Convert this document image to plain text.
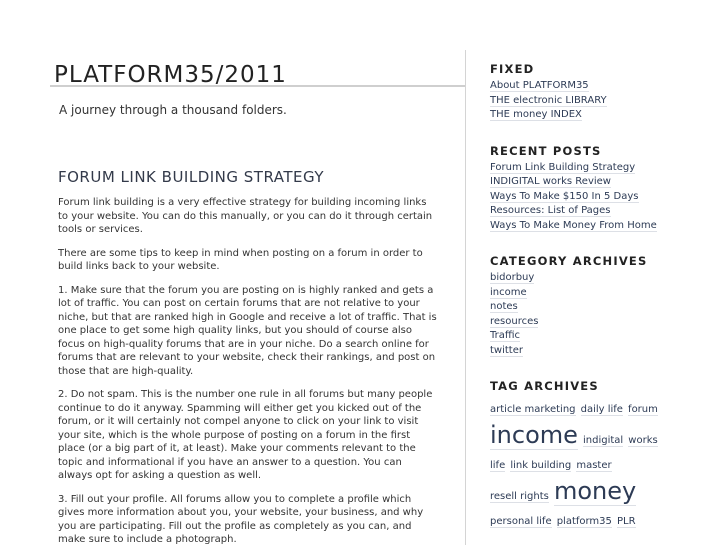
PLATFORM35/2011
A journey through a thousand folders.
FORUM LINK BUILDING STRATEGY

Forum link building is a very effective strategy for building incoming links to your website. You can do this manually, or you can do it through certain tools or services.

There are some tips to keep in mind when posting on a forum in order to build links back to your website.

1. Make sure that the forum you are posting on is highly ranked and gets a lot of traffic. You can post on certain forums that are not relative to your niche, but that are ranked high in Google and receive a lot of traffic. That is one place to get some high quality links, but you should of course also focus on high-quality forums that are in your niche. Do a search online for forums that are relevant to your website, check their rankings, and post on those that are high-quality.

2. Do not spam. This is the number one rule in all forums but many people continue to do it anyway. Spamming will either get you kicked out of the forum, or it will certainly not compel anyone to click on your link to visit your site, which is the whole purpose of posting on a forum in the first place (or a big part of it, at least). Make your comments relevant to the topic and informational if you have an answer to a question. You can always opt for asking a question as well.

3. Fill out your profile. All forums allow you to complete a profile which gives more information about you, your website, your business, and why you are participating. Fill out the profile as completely as you can, and make sure to include a photograph.

FIXED
About PLATFORM35
THE electronic LIBRARY
THE money INDEX
RECENT POSTS
Forum Link Building Strategy
INDIGITAL works Review
Ways To Make $150 In 5 Days
Resources: List of Pages
Ways To Make Money From Home
CATEGORY ARCHIVES
bidorbuy
income
notes
resources
Traffic
twitter
TAG ARCHIVES
article marketing daily life forum income indigital works life link building master resell rights money personal life platform35 PLR
